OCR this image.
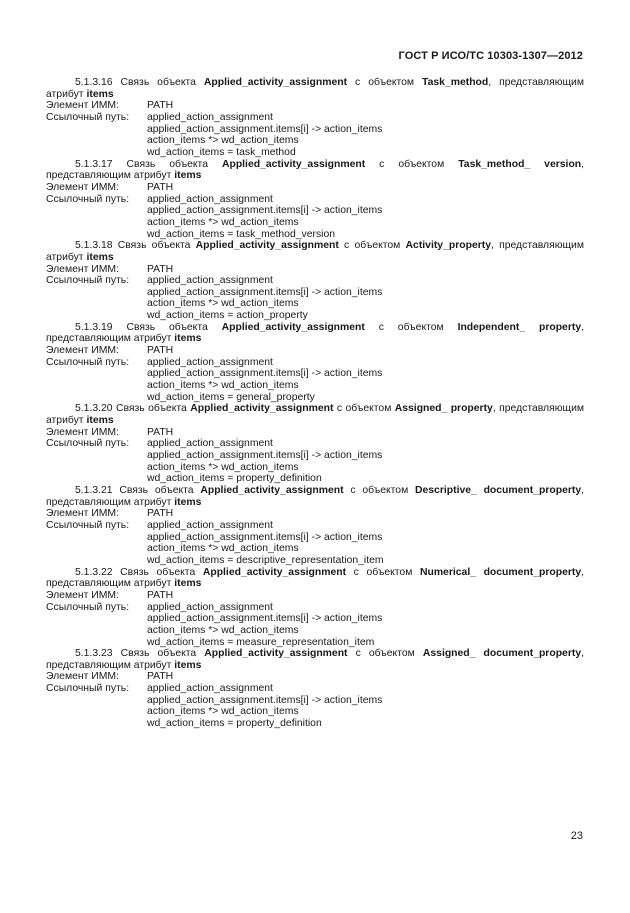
ГОСТ Р ИСО/ТС 10303-1307—2012
5.1.3.16 Связь объекта Applied_activity_assignment с объектом Task_method, представляющим атрибут items
Элемент ИММ:	PATH
Ссылочный путь:	applied_action_assignment
applied_action_assignment.items[i] -> action_items
action_items *> wd_action_items
wd_action_items = task_method
5.1.3.17 Связь объекта Applied_activity_assignment с объектом Task_method_ version, представляющим атрибут items
Элемент ИММ:	PATH
Ссылочный путь:	applied_action_assignment
applied_action_assignment.items[i] -> action_items
action_items *> wd_action_items
wd_action_items = task_method_version
5.1.3.18 Связь объекта Applied_activity_assignment с объектом Activity_property, представляющим атрибут items
Элемент ИММ:	PATH
Ссылочный путь:	applied_action_assignment
applied_action_assignment.items[i] -> action_items
action_items *> wd_action_items
wd_action_items = action_property
5.1.3.19 Связь объекта Applied_activity_assignment с объектом Independent_ property, представляющим атрибут items
Элемент ИММ:	PATH
Ссылочный путь:	applied_action_assignment
applied_action_assignment.items[i] -> action_items
action_items *> wd_action_items
wd_action_items = general_property
5.1.3.20 Связь объекта Applied_activity_assignment с объектом Assigned_ property, представляющим атрибут items
Элемент ИММ:	PATH
Ссылочный путь:	applied_action_assignment
applied_action_assignment.items[i] -> action_items
action_items *> wd_action_items
wd_action_items = property_definition
5.1.3.21 Связь объекта Applied_activity_assignment с объектом Descriptive_ document_property, представляющим атрибут items
Элемент ИММ:	PATH
Ссылочный путь:	applied_action_assignment
applied_action_assignment.items[i] -> action_items
action_items *> wd_action_items
wd_action_items = descriptive_representation_item
5.1.3.22 Связь объекта Applied_activity_assignment с объектом Numerical_ document_property, представляющим атрибут items
Элемент ИММ:	PATH
Ссылочный путь:	applied_action_assignment
applied_action_assignment.items[i] -> action_items
action_items *> wd_action_items
wd_action_items = measure_representation_item
5.1.3.23 Связь объекта Applied_activity_assignment с объектом Assigned_ document_property, представляющим атрибут items
Элемент ИММ:	PATH
Ссылочный путь:	applied_action_assignment
applied_action_assignment.items[i] -> action_items
action_items *> wd_action_items
wd_action_items = property_definition
23
